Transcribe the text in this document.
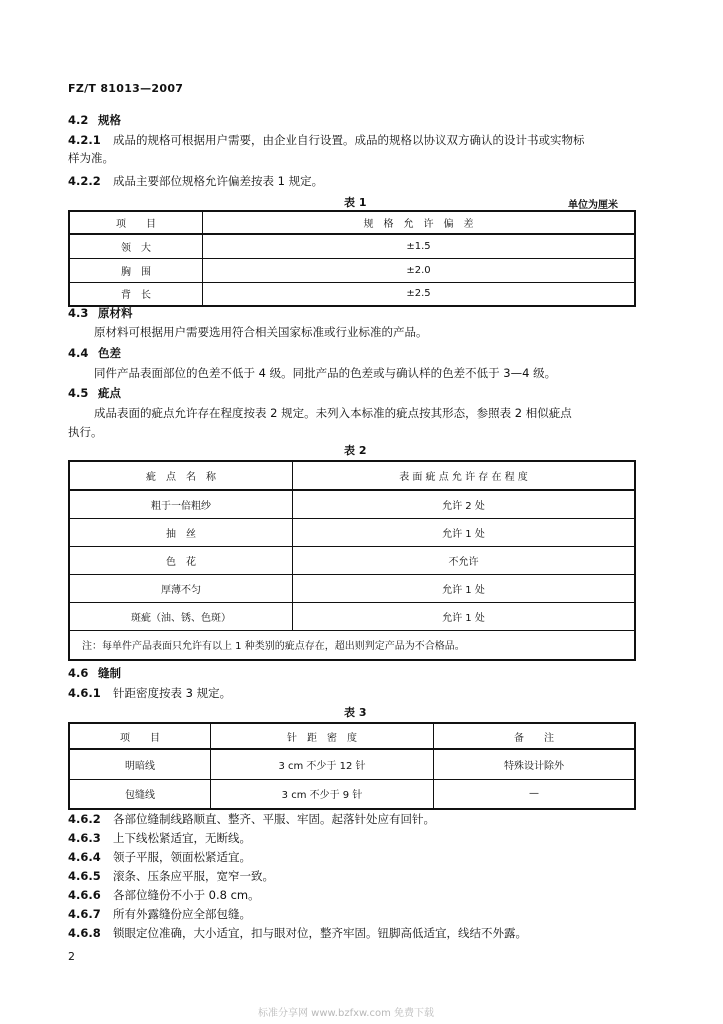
FZ/T 81013—2007
4.2 规格
4.2.1 成品的规格可根据用户需要，由企业自行设置。成品的规格以协议双方确认的设计书或实物标
样为准。
4.2.2 成品主要部位规格允许偏差按表 1 规定。
表 1	单位为厘米
项　　目	规　格　允　许　偏　差
领　大	±1.5
胸　围	±2.0
背　长	±2.5
4.3 原材料
原材料可根据用户需要选用符合相关国家标准或行业标准的产品。
4.4 色差
同件产品表面部位的色差不低于 4 级。同批产品的色差或与确认样的色差不低于 3—4 级。
4.5 疵点
成品表面的疵点允许存在程度按表 2 规定。未列入本标准的疵点按其形态，参照表 2 相似疵点
执行。
表 2
疵　点　名　称	表 面 疵 点 允 许 存 在 程 度
粗于一倍粗纱	允许 2 处
抽　丝	允许 1 处
色　花	不允许
厚薄不匀	允许 1 处
斑疵（油、锈、色斑）	允许 1 处
注：每单件产品表面只允许有以上 1 种类别的疵点存在，超出则判定产品为不合格品。	
4.6 缝制
4.6.1 针距密度按表 3 规定。
表 3
项　　目	针　距　密　度	备　　注
明暗线	3 cm 不少于 12 针	特殊设计除外
包缝线	3 cm 不少于 9 针	—
4.6.2 各部位缝制线路顺直、整齐、平服、牢固。起落针处应有回针。
4.6.3 上下线松紧适宜，无断线。
4.6.4 领子平服，领面松紧适宜。
4.6.5 滚条、压条应平服，宽窄一致。
4.6.6 各部位缝份不小于 0.8 cm。
4.6.7 所有外露缝份应全部包缝。
4.6.8 锁眼定位准确，大小适宜，扣与眼对位，整齐牢固。钮脚高低适宜，线结不外露。
2
标准分享网 www.bzfxw.com 免费下载
